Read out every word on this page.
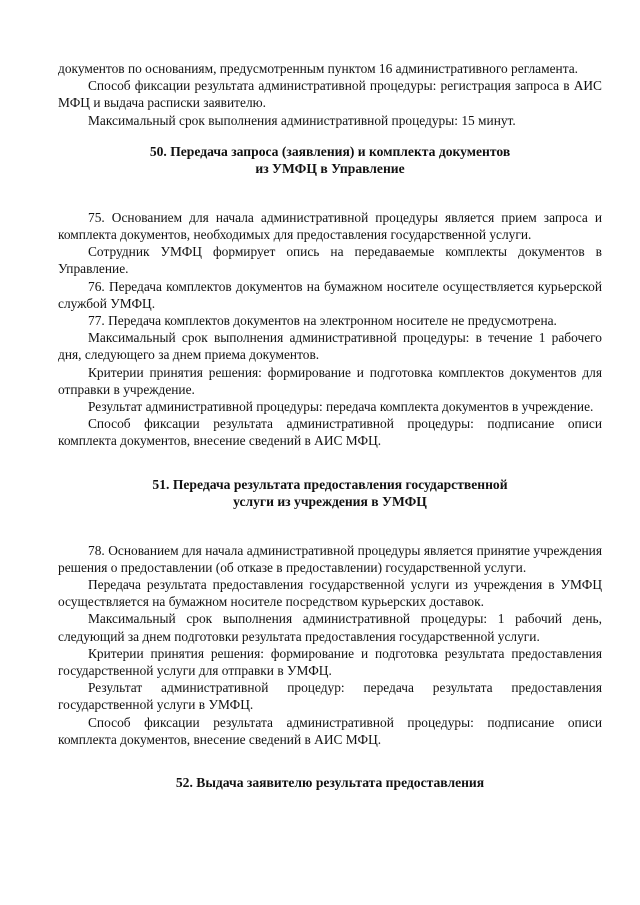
документов по основаниям, предусмотренным пунктом 16 административного регламента.

Способ фиксации результата административной процедуры: регистрация запроса в АИС МФЦ и выдача расписки заявителю.

Максимальный срок выполнения административной процедуры: 15 минут.

50. Передача запроса (заявления) и комплекта документов

из УМФЦ в Управление

75. Основанием для начала административной процедуры является прием запроса и комплекта документов, необходимых для предоставления государственной услуги.

Сотрудник УМФЦ формирует опись на передаваемые комплекты документов в Управление.

76. Передача комплектов документов на бумажном носителе осуществляется курьерской службой УМФЦ.

77. Передача комплектов документов на электронном носителе не предусмотрена.

Максимальный срок выполнения административной процедуры: в течение 1 рабочего дня, следующего за днем приема документов.

Критерии принятия решения: формирование и подготовка комплектов документов для отправки в учреждение.

Результат административной процедуры: передача комплекта документов в учреждение.

Способ фиксации результата административной процедуры: подписание описи комплекта документов, внесение сведений в АИС МФЦ.

51. Передача результата предоставления государственной

услуги из учреждения в УМФЦ

78. Основанием для начала административной процедуры является принятие учреждения решения о предоставлении (об отказе в предоставлении) государственной услуги.

Передача результата предоставления государственной услуги из учреждения в УМФЦ осуществляется на бумажном носителе посредством курьерских доставок.

Максимальный срок выполнения административной процедуры: 1 рабочий день, следующий за днем подготовки результата предоставления государственной услуги.

Критерии принятия решения: формирование и подготовка результата предоставления государственной услуги для отправки в УМФЦ.

Результат административной процедур: передача результата предоставления государственной услуги в УМФЦ.

Способ фиксации результата административной процедуры: подписание описи комплекта документов, внесение сведений в АИС МФЦ.

52. Выдача заявителю результата предоставления
